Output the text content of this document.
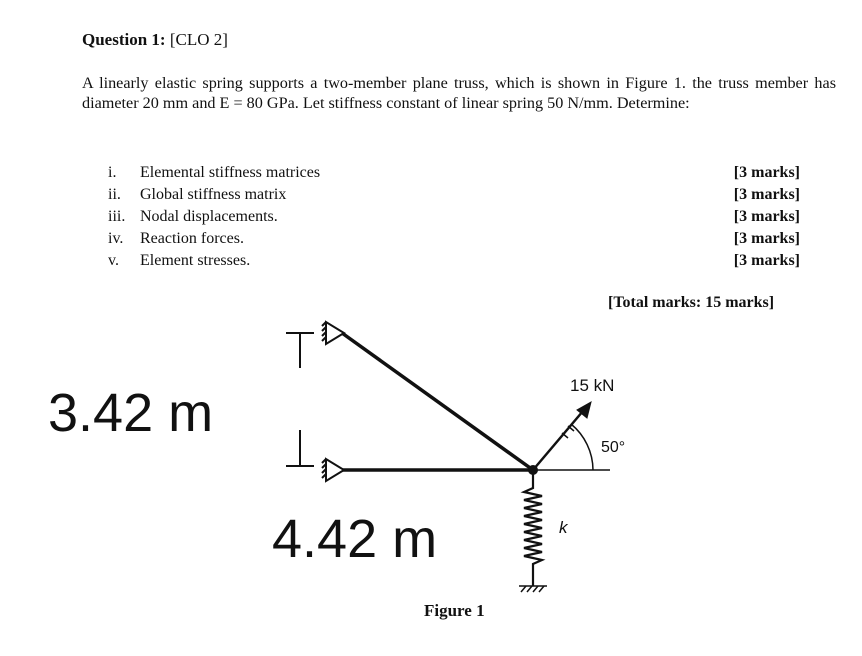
Question 1: [CLO 2]
A linearly elastic spring supports a two-member plane truss, which is shown in Figure 1. the truss member has diameter 20 mm and E = 80 GPa. Let stiffness constant of linear spring 50 N/mm. Determine:
i. Elemental stiffness matrices	[3 marks]
ii. Global stiffness matrix	[3 marks]
iii. Nodal displacements.	[3 marks]
iv. Reaction forces.	[3 marks]
v. Element stresses.	[3 marks]
[Total marks: 15 marks]
3.42 m
4.42 m
15 kN
50°
k
Figure 1
